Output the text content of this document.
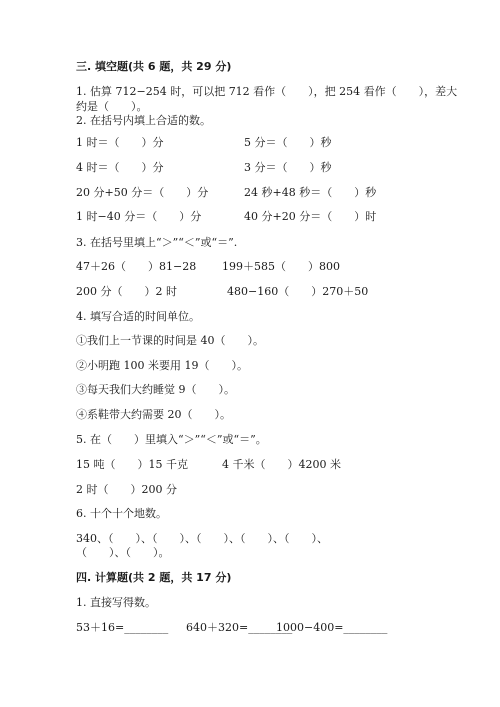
三. 填空题(共 6 题，共 29 分)
1. 估算 712−254 时，可以把 712 看作（　　），把 254 看作（　　），差大
约是（　　）。
2. 在括号内填上合适的数。
1 时＝（　　）分	5 分＝（　　）秒
4 时＝（　　）分	3 分＝（　　）秒
20 分+50 分＝（　　）分	24 秒+48 秒＝（　　）秒
1 时−40 分＝（　　）分	40 分+20 分＝（　　）时
3. 在括号里填上“＞”“＜”或“＝”.
47＋26（　　）81−28 199＋585（　　）800
200 分（　　）2 时	480−160（　　）270＋50
4. 填写合适的时间单位。
①我们上一节课的时间是 40（　　）。
②小明跑 100 米要用 19（　　）。
③每天我们大约睡觉 9（　　）。
④系鞋带大约需要 20（　　）。
5. 在（　　）里填入“＞”“＜”或“＝”。
15 吨（　　）15 千克	4 千米（　　）4200 米
2 时（　　）200 分
6. 十个十个地数。
340、（　　）、（　　）、（　　）、（　　）、（　　）、
（　　）、（　　）。
四. 计算题(共 2 题，共 17 分)
1. 直接写得数。
53＋16=________ 640＋320=________
1000−400=________
